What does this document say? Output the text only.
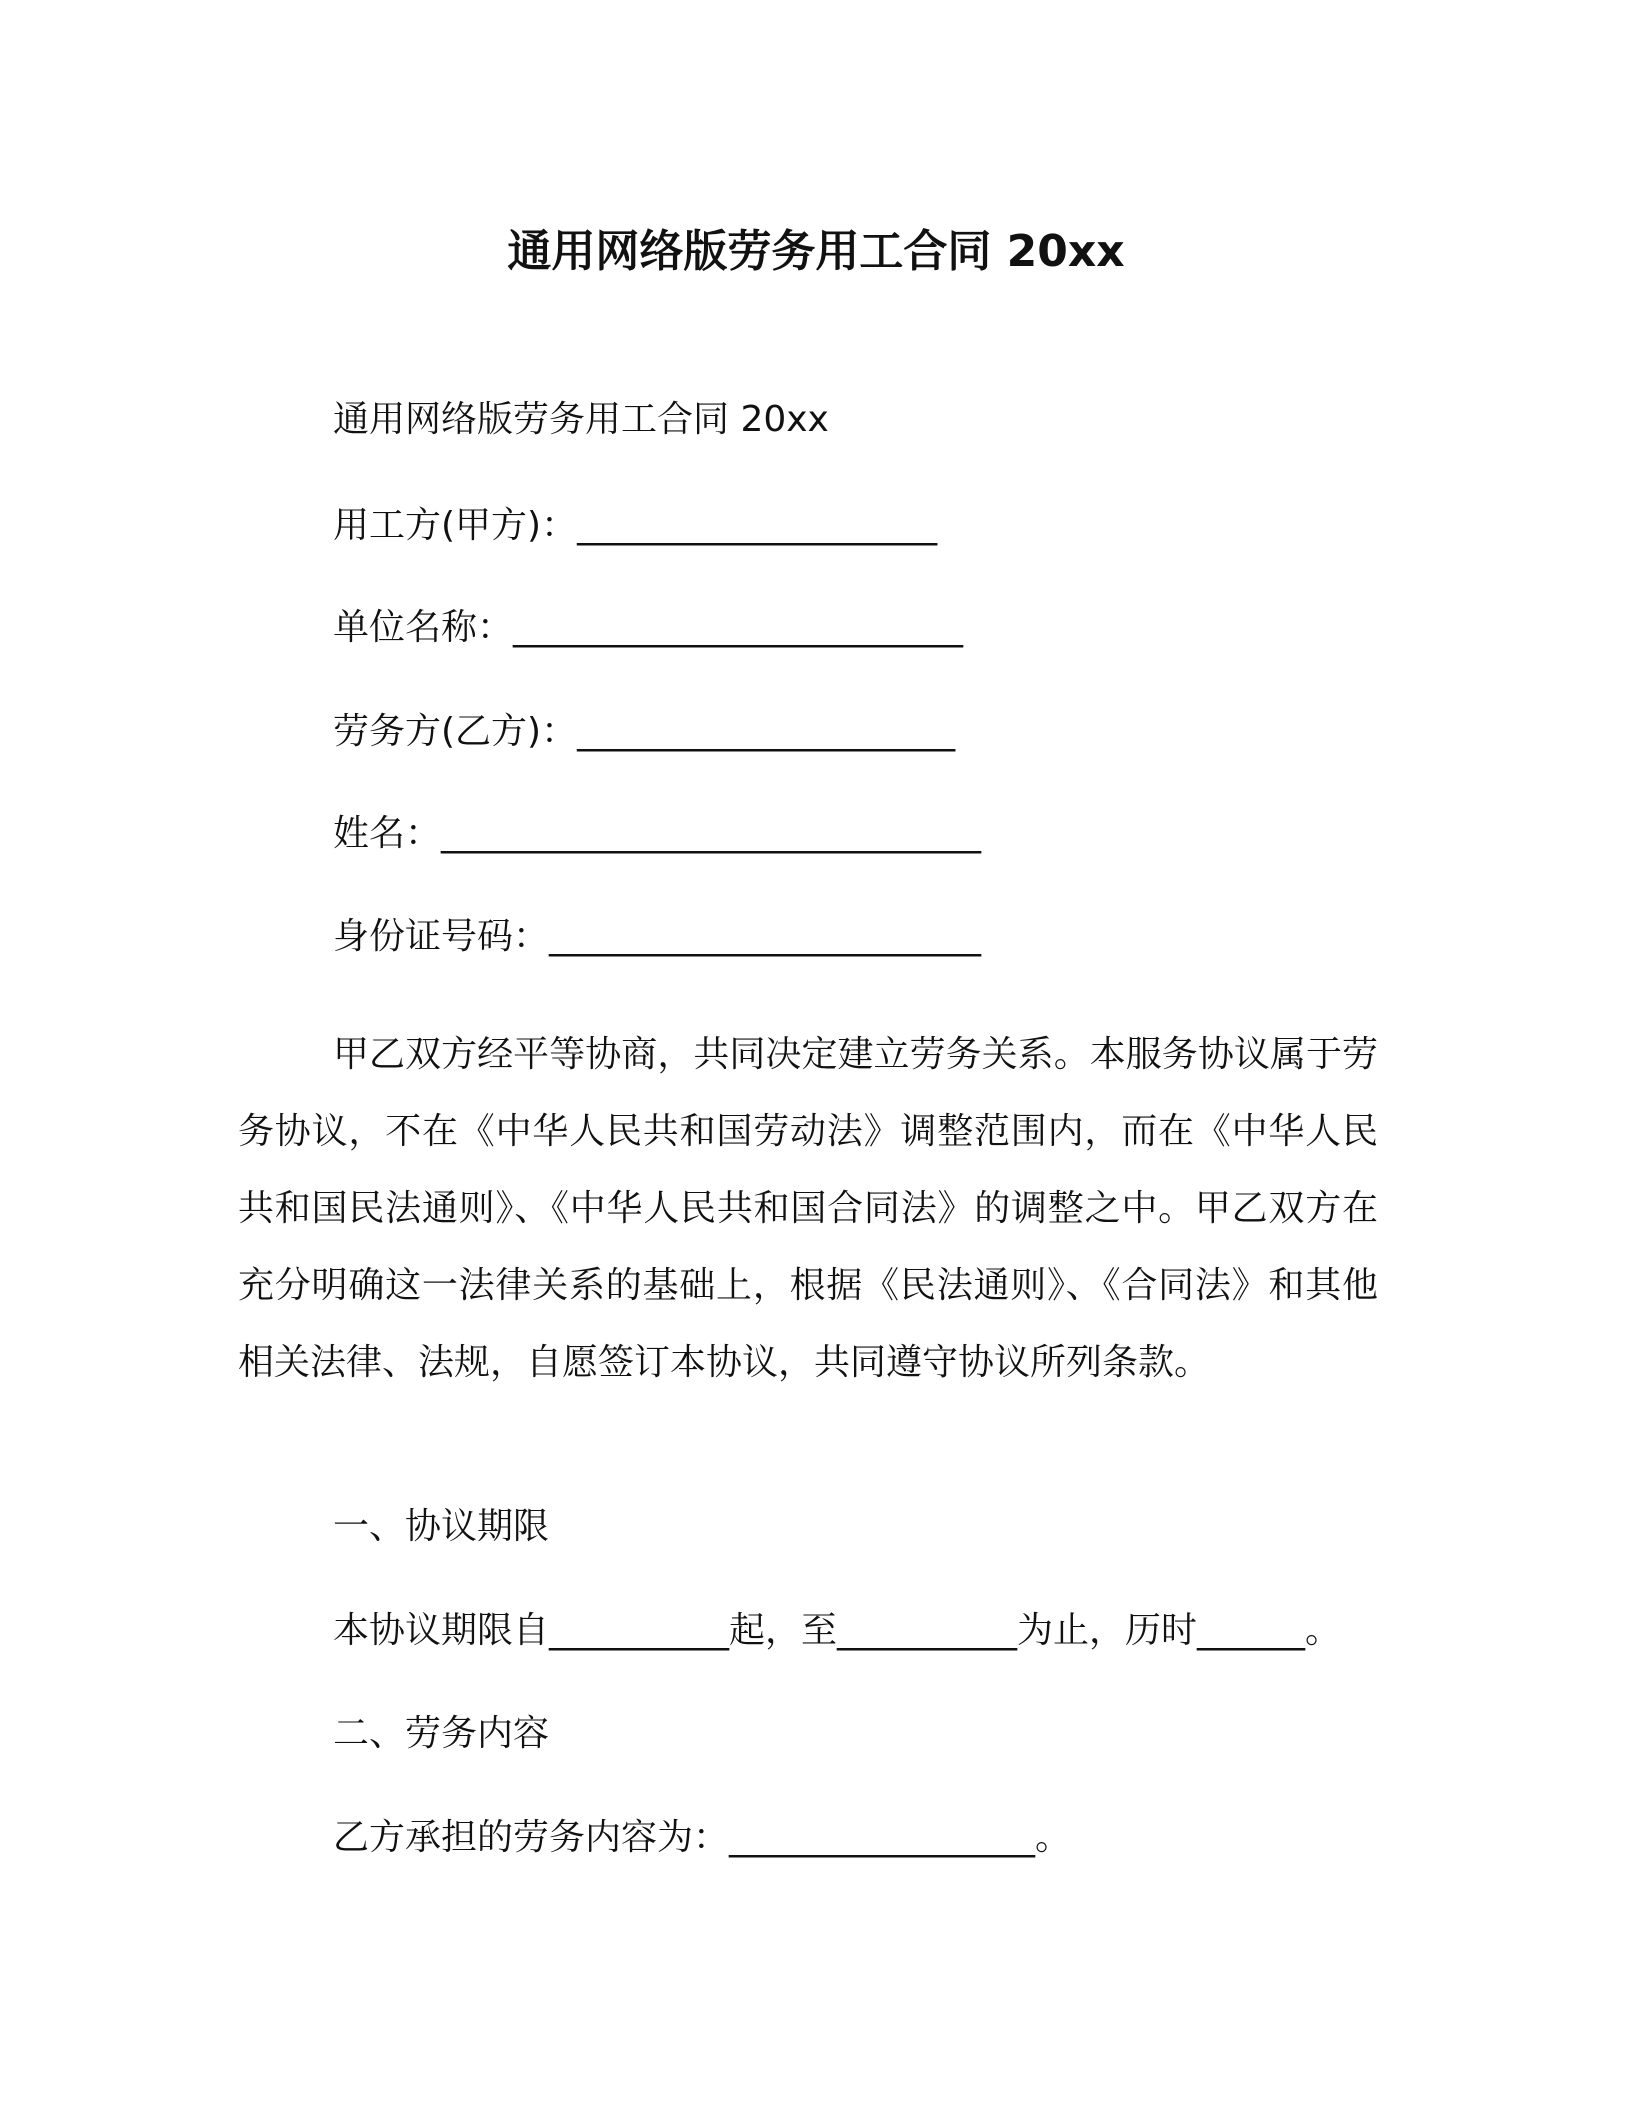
通用网络版劳务用工合同 20xx
通用网络版劳务用工合同 20xx
用工方(甲方)：____________________
单位名称：_________________________
劳务方(乙方)：_____________________
姓名：______________________________
身份证号码：________________________
甲乙双方经平等协商，共同决定建立劳务关系。本服务协议属于劳务协议，不在《中华人民共和国劳动法》调整范围内，而在《中华人民共和国民法通则》、《中华人民共和国合同法》的调整之中。甲乙双方在充分明确这一法律关系的基础上，根据《民法通则》、《合同法》和其他相关法律、法规，自愿签订本协议，共同遵守协议所列条款。
一、协议期限
本协议期限自__________起，至__________为止，历时______。
二、劳务内容
乙方承担的劳务内容为：_________________。
